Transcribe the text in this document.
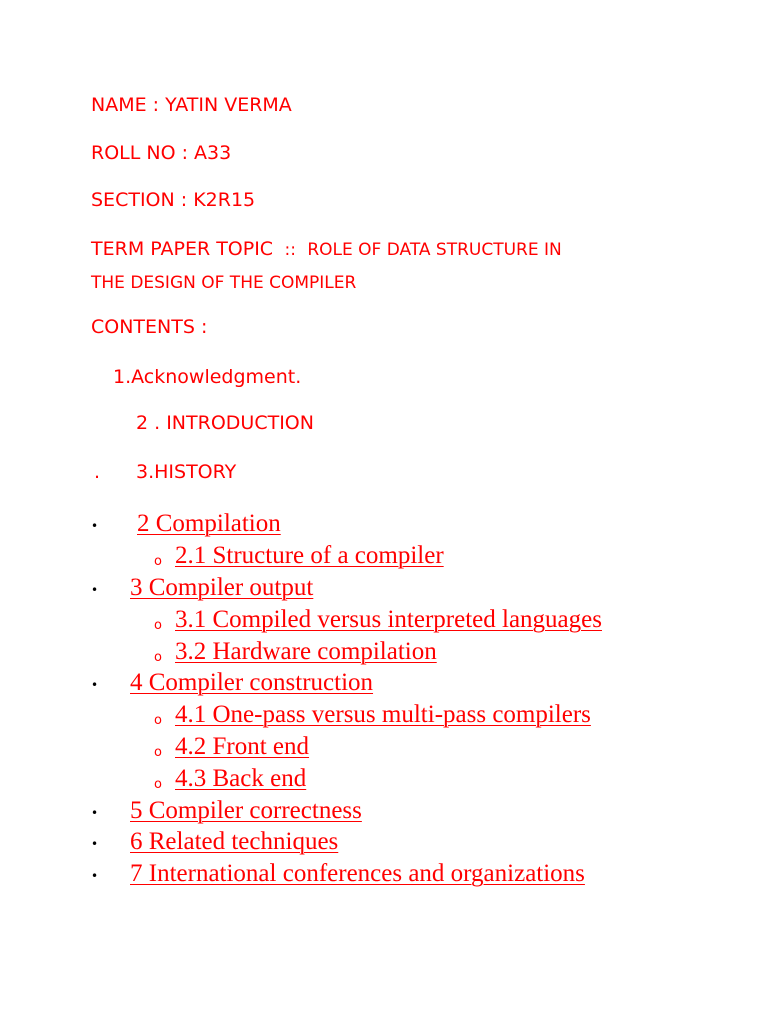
NAME : YATIN VERMA
ROLL NO : A33
SECTION : K2R15
TERM PAPER TOPIC :: ROLE OF DATA STRUCTURE IN
THE DESIGN OF THE COMPILER
CONTENTS :
1.Acknowledgment.
2 . INTRODUCTION
. 3.HISTORY
• 2 Compilation
o 2.1 Structure of a compiler
• 3 Compiler output
o 3.1 Compiled versus interpreted languages
o 3.2 Hardware compilation
• 4 Compiler construction
o 4.1 One-pass versus multi-pass compilers
o 4.2 Front end
o 4.3 Back end
• 5 Compiler correctness
• 6 Related techniques
• 7 International conferences and organizations
